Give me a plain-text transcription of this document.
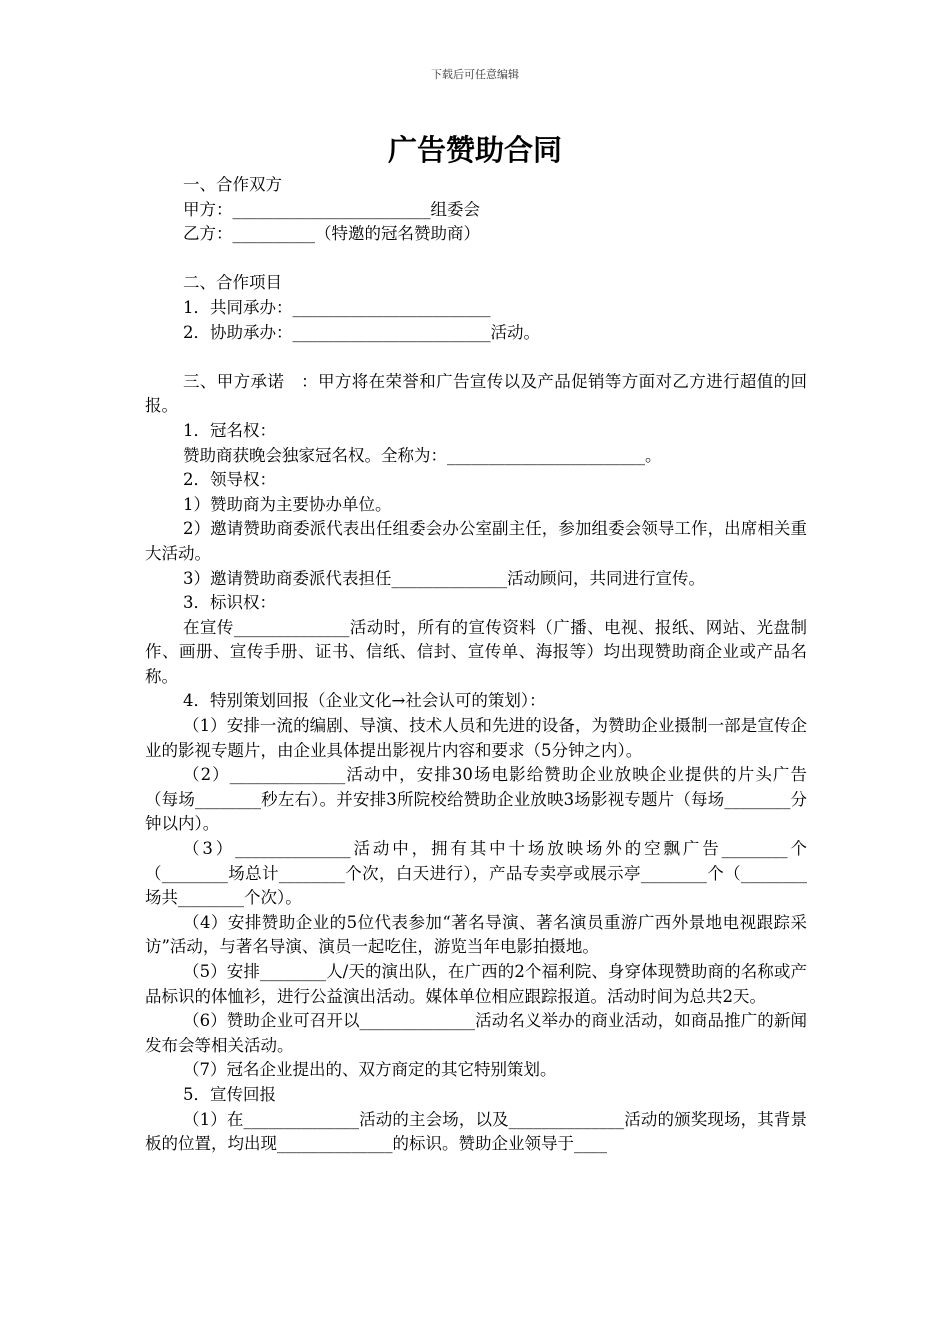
下载后可任意编辑
广告赞助合同

一、合作双方

甲方：________________________组委会

乙方：__________（特邀的冠名赞助商）

二、合作项目

1．共同承办：________________________

2．协助承办：________________________活动。

三、甲方承诺　：甲方将在荣誉和广告宣传以及产品促销等方面对乙方进行超值的回报。

1．冠名权：

赞助商获晚会独家冠名权。全称为：________________________。

2．领导权：

1）赞助商为主要协办单位。

2）邀请赞助商委派代表出任组委会办公室副主任，参加组委会领导工作，出席相关重大活动。

3）邀请赞助商委派代表担任______________活动顾问，共同进行宣传。

3．标识权：

在宣传______________活动时，所有的宣传资料（广播、电视、报纸、网站、光盘制作、画册、宣传手册、证书、信纸、信封、宣传单、海报等）均出现赞助商企业或产品名称。

4．特别策划回报（企业文化→社会认可的策划）：

（1）安排一流的编剧、导演、技术人员和先进的设备，为赞助企业摄制一部是宣传企业的影视专题片，由企业具体提出影视片内容和要求（5分钟之内）。

（2）______________活动中，安排30场电影给赞助企业放映企业提供的片头广告（每场________秒左右）。并安排3所院校给赞助企业放映3场影视专题片（每场________分钟以内）。

（3）______________活动中，拥有其中十场放映场外的空飘广告________个（________场总计________个次，白天进行），产品专卖亭或展示亭________个（________场共________个次）。

（4）安排赞助企业的5位代表参加“著名导演、著名演员重游广西外景地电视跟踪采访”活动，与著名导演、演员一起吃住，游览当年电影拍摄地。

（5）安排________人/天的演出队，在广西的2个福利院、身穿体现赞助商的名称或产品标识的体恤衫，进行公益演出活动。媒体单位相应跟踪报道。活动时间为总共2天。

（6）赞助企业可召开以______________活动名义举办的商业活动，如商品推广的新闻发布会等相关活动。

（7）冠名企业提出的、双方商定的其它特别策划。

5．宣传回报

（1）在______________活动的主会场，以及______________活动的颁奖现场，其背景板的位置，均出现______________的标识。赞助企业领导于____
